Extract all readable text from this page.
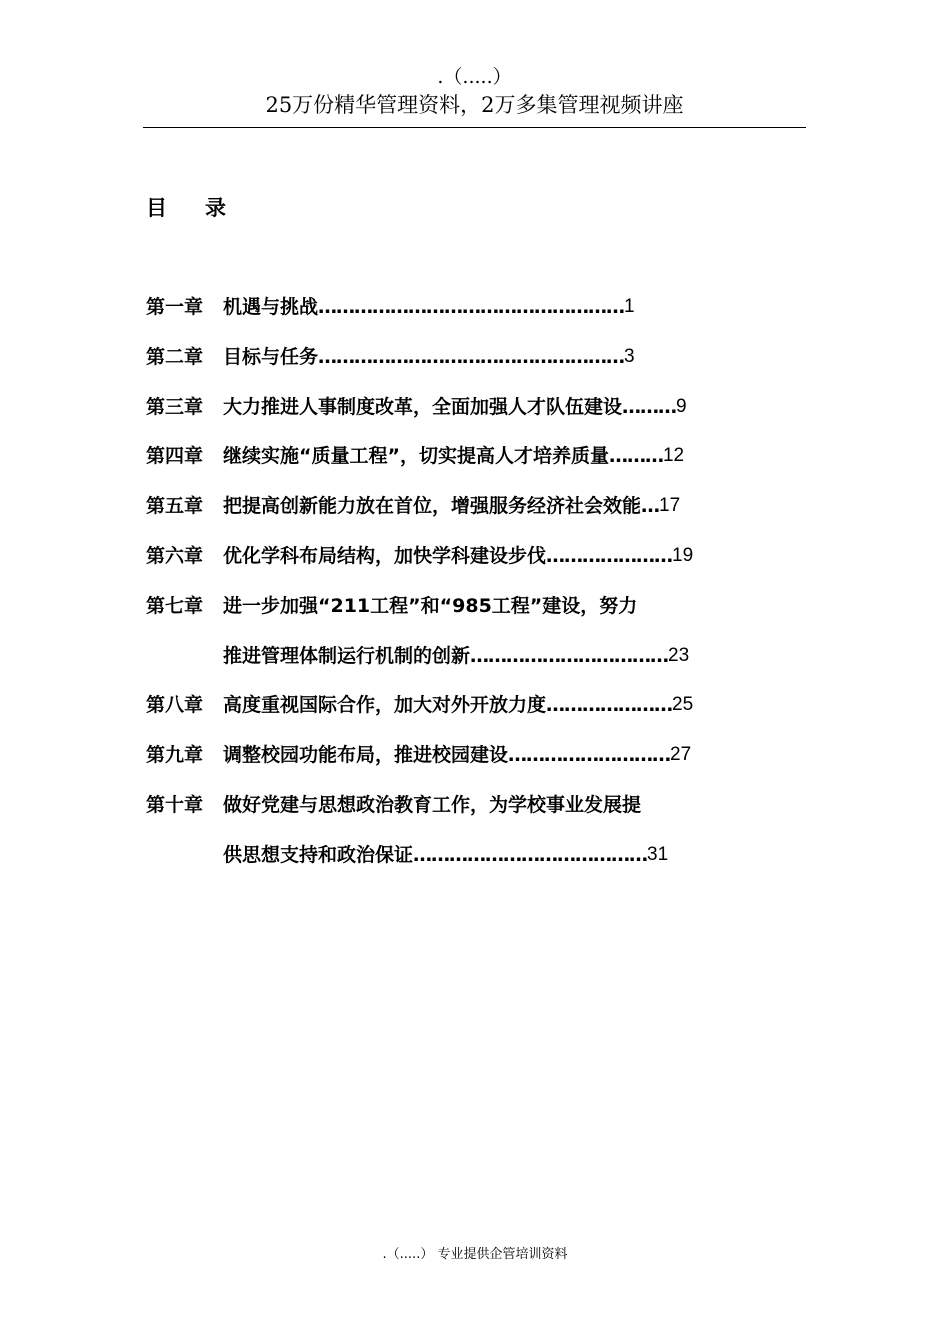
.（.....）
25万份精华管理资料，2万多集管理视频讲座
目录
第一章	机遇与挑战 …………………………………………… 1
第二章	目标与任务 …………………………………………… 3
第三章	大力推进人事制度改革，全面加强人才队伍建设 ……… 9
第四章	继续实施“质量工程”，切实提高人才培养质量 ……… 12
第五章	把提高创新能力放在首位，增强服务经济社会效能 … 17
第六章	优化学科布局结构，加快学科建设步伐 ………………… 19
第七章	进一步加强“211工程”和“985工程”建设，努力
推进管理体制运行机制的创新 …………………………… 23
第八章	高度重视国际合作，加大对外开放力度 ………………… 25
第九章	调整校园功能布局，推进校园建设 ……………………… 27
第十章	做好党建与思想政治教育工作，为学校事业发展提
供思想支持和政治保证 ………………………………… 31
.（.....） 专业提供企管培训资料
